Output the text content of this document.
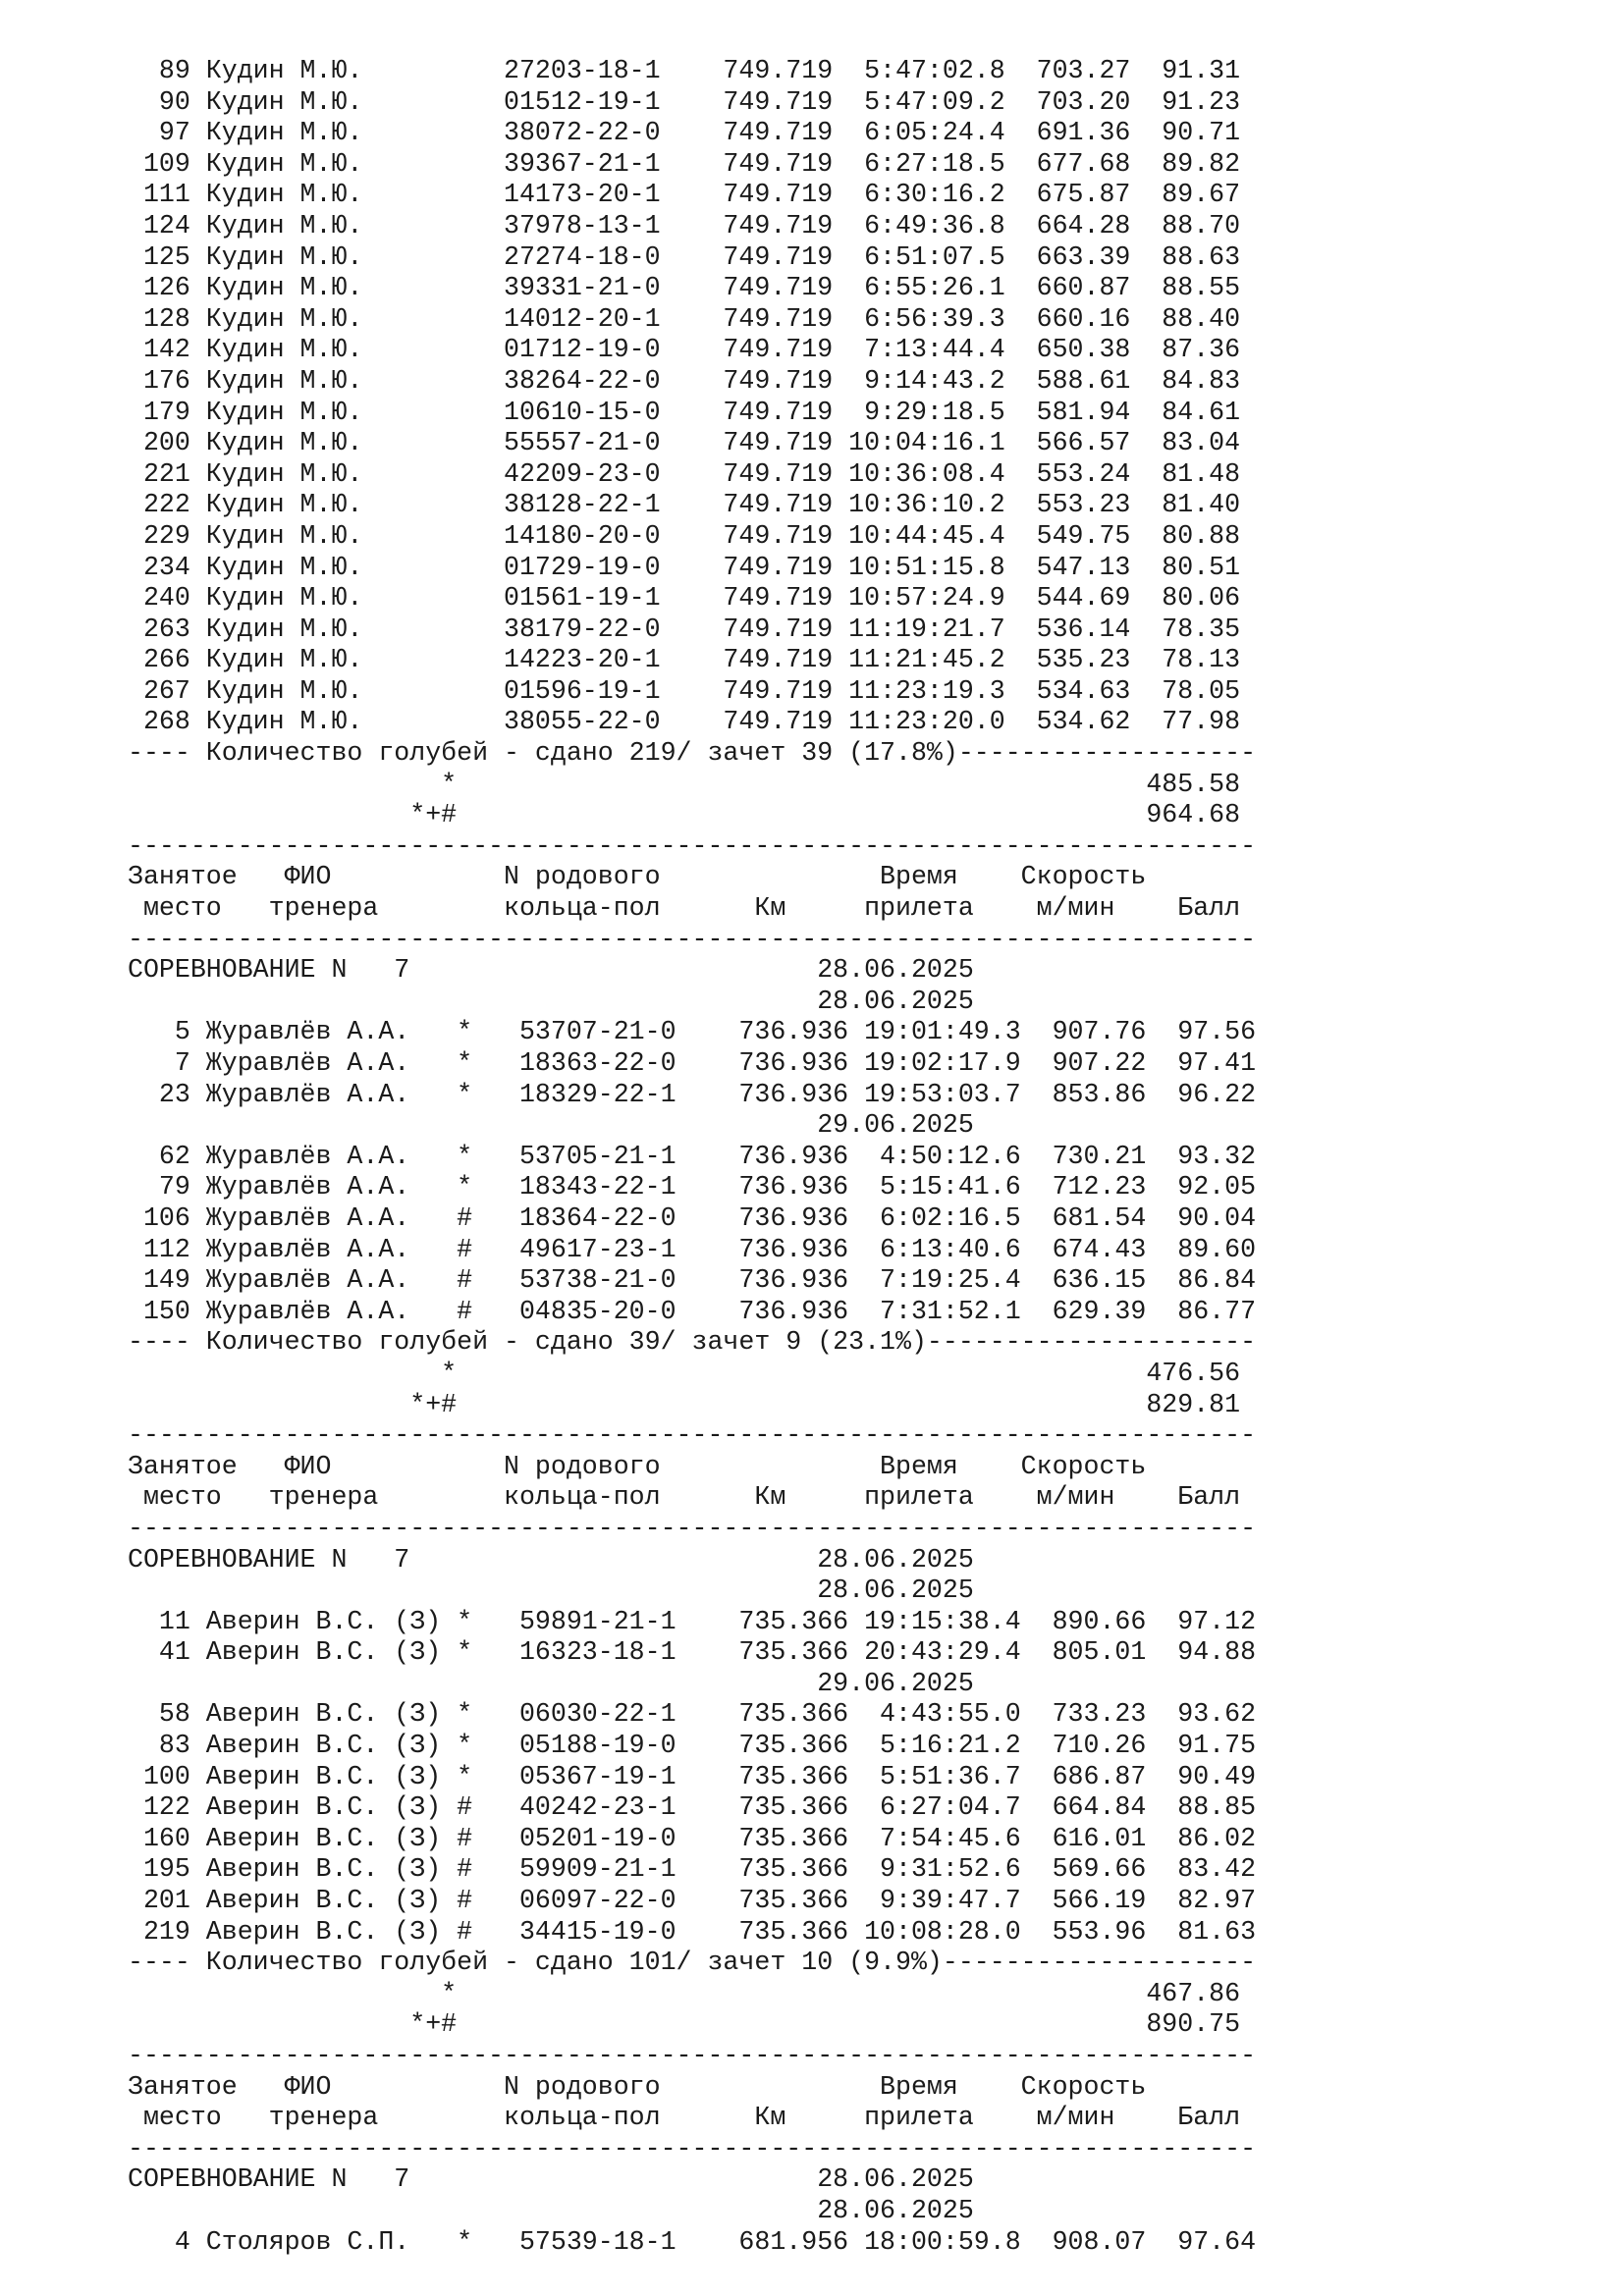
89 Кудин М.Ю.         27203-18-1    749.719  5:47:02.8  703.27  91.31
90 Кудин М.Ю.         01512-19-1    749.719  5:47:09.2  703.20  91.23
97 Кудин М.Ю.         38072-22-0    749.719  6:05:24.4  691.36  90.71
109 Кудин М.Ю.         39367-21-1    749.719  6:27:18.5  677.68  89.82
111 Кудин М.Ю.         14173-20-1    749.719  6:30:16.2  675.87  89.67
124 Кудин М.Ю.         37978-13-1    749.719  6:49:36.8  664.28  88.70
125 Кудин М.Ю.         27274-18-0    749.719  6:51:07.5  663.39  88.63
126 Кудин М.Ю.         39331-21-0    749.719  6:55:26.1  660.87  88.55
128 Кудин М.Ю.         14012-20-1    749.719  6:56:39.3  660.16  88.40
142 Кудин М.Ю.         01712-19-0    749.719  7:13:44.4  650.38  87.36
176 Кудин М.Ю.         38264-22-0    749.719  9:14:43.2  588.61  84.83
179 Кудин М.Ю.         10610-15-0    749.719  9:29:18.5  581.94  84.61
200 Кудин М.Ю.         55557-21-0    749.719 10:04:16.1  566.57  83.04
221 Кудин М.Ю.         42209-23-0    749.719 10:36:08.4  553.24  81.48
222 Кудин М.Ю.         38128-22-1    749.719 10:36:10.2  553.23  81.40
229 Кудин М.Ю.         14180-20-0    749.719 10:44:45.4  549.75  80.88
234 Кудин М.Ю.         01729-19-0    749.719 10:51:15.8  547.13  80.51
240 Кудин М.Ю.         01561-19-1    749.719 10:57:24.9  544.69  80.06
263 Кудин М.Ю.         38179-22-0    749.719 11:19:21.7  536.14  78.35
266 Кудин М.Ю.         14223-20-1    749.719 11:21:45.2  535.23  78.13
267 Кудин М.Ю.         01596-19-1    749.719 11:23:19.3  534.63  78.05
268 Кудин М.Ю.         38055-22-0    749.719 11:23:20.0  534.62  77.98
---- Количество голубей - сдано 219/ зачет 39 (17.8%)-------------------
*                                            485.58
*+#                                            964.68
------------------------------------------------------------------------
Занятое   ФИО           N родового              Время    Скорость
место   тренера        кольца-пол      Км     прилета    м/мин    Балл
------------------------------------------------------------------------
СОРЕВНОВАНИЕ N   7                          28.06.2025
28.06.2025
5 Журавлёв А.А.   *   53707-21-0    736.936 19:01:49.3  907.76  97.56
7 Журавлёв А.А.   *   18363-22-0    736.936 19:02:17.9  907.22  97.41
23 Журавлёв А.А.   *   18329-22-1    736.936 19:53:03.7  853.86  96.22
29.06.2025
62 Журавлёв А.А.   *   53705-21-1    736.936  4:50:12.6  730.21  93.32
79 Журавлёв А.А.   *   18343-22-1    736.936  5:15:41.6  712.23  92.05
106 Журавлёв А.А.   #   18364-22-0    736.936  6:02:16.5  681.54  90.04
112 Журавлёв А.А.   #   49617-23-1    736.936  6:13:40.6  674.43  89.60
149 Журавлёв А.А.   #   53738-21-0    736.936  7:19:25.4  636.15  86.84
150 Журавлёв А.А.   #   04835-20-0    736.936  7:31:52.1  629.39  86.77
---- Количество голубей - сдано 39/ зачет 9 (23.1%)---------------------
*                                            476.56
*+#                                            829.81
------------------------------------------------------------------------
Занятое   ФИО           N родового              Время    Скорость
место   тренера        кольца-пол      Км     прилета    м/мин    Балл
------------------------------------------------------------------------
СОРЕВНОВАНИЕ N   7                          28.06.2025
28.06.2025
11 Аверин В.С. (З) *   59891-21-1    735.366 19:15:38.4  890.66  97.12
41 Аверин В.С. (З) *   16323-18-1    735.366 20:43:29.4  805.01  94.88
29.06.2025
58 Аверин В.С. (З) *   06030-22-1    735.366  4:43:55.0  733.23  93.62
83 Аверин В.С. (З) *   05188-19-0    735.366  5:16:21.2  710.26  91.75
100 Аверин В.С. (З) *   05367-19-1    735.366  5:51:36.7  686.87  90.49
122 Аверин В.С. (З) #   40242-23-1    735.366  6:27:04.7  664.84  88.85
160 Аверин В.С. (З) #   05201-19-0    735.366  7:54:45.6  616.01  86.02
195 Аверин В.С. (З) #   59909-21-1    735.366  9:31:52.6  569.66  83.42
201 Аверин В.С. (З) #   06097-22-0    735.366  9:39:47.7  566.19  82.97
219 Аверин В.С. (З) #   34415-19-0    735.366 10:08:28.0  553.96  81.63
---- Количество голубей - сдано 101/ зачет 10 (9.9%)--------------------
*                                            467.86
*+#                                            890.75
------------------------------------------------------------------------
Занятое   ФИО           N родового              Время    Скорость
место   тренера        кольца-пол      Км     прилета    м/мин    Балл
------------------------------------------------------------------------
СОРЕВНОВАНИЕ N   7                          28.06.2025
28.06.2025
4 Столяров С.П.   *   57539-18-1    681.956 18:00:59.8  908.07  97.64
